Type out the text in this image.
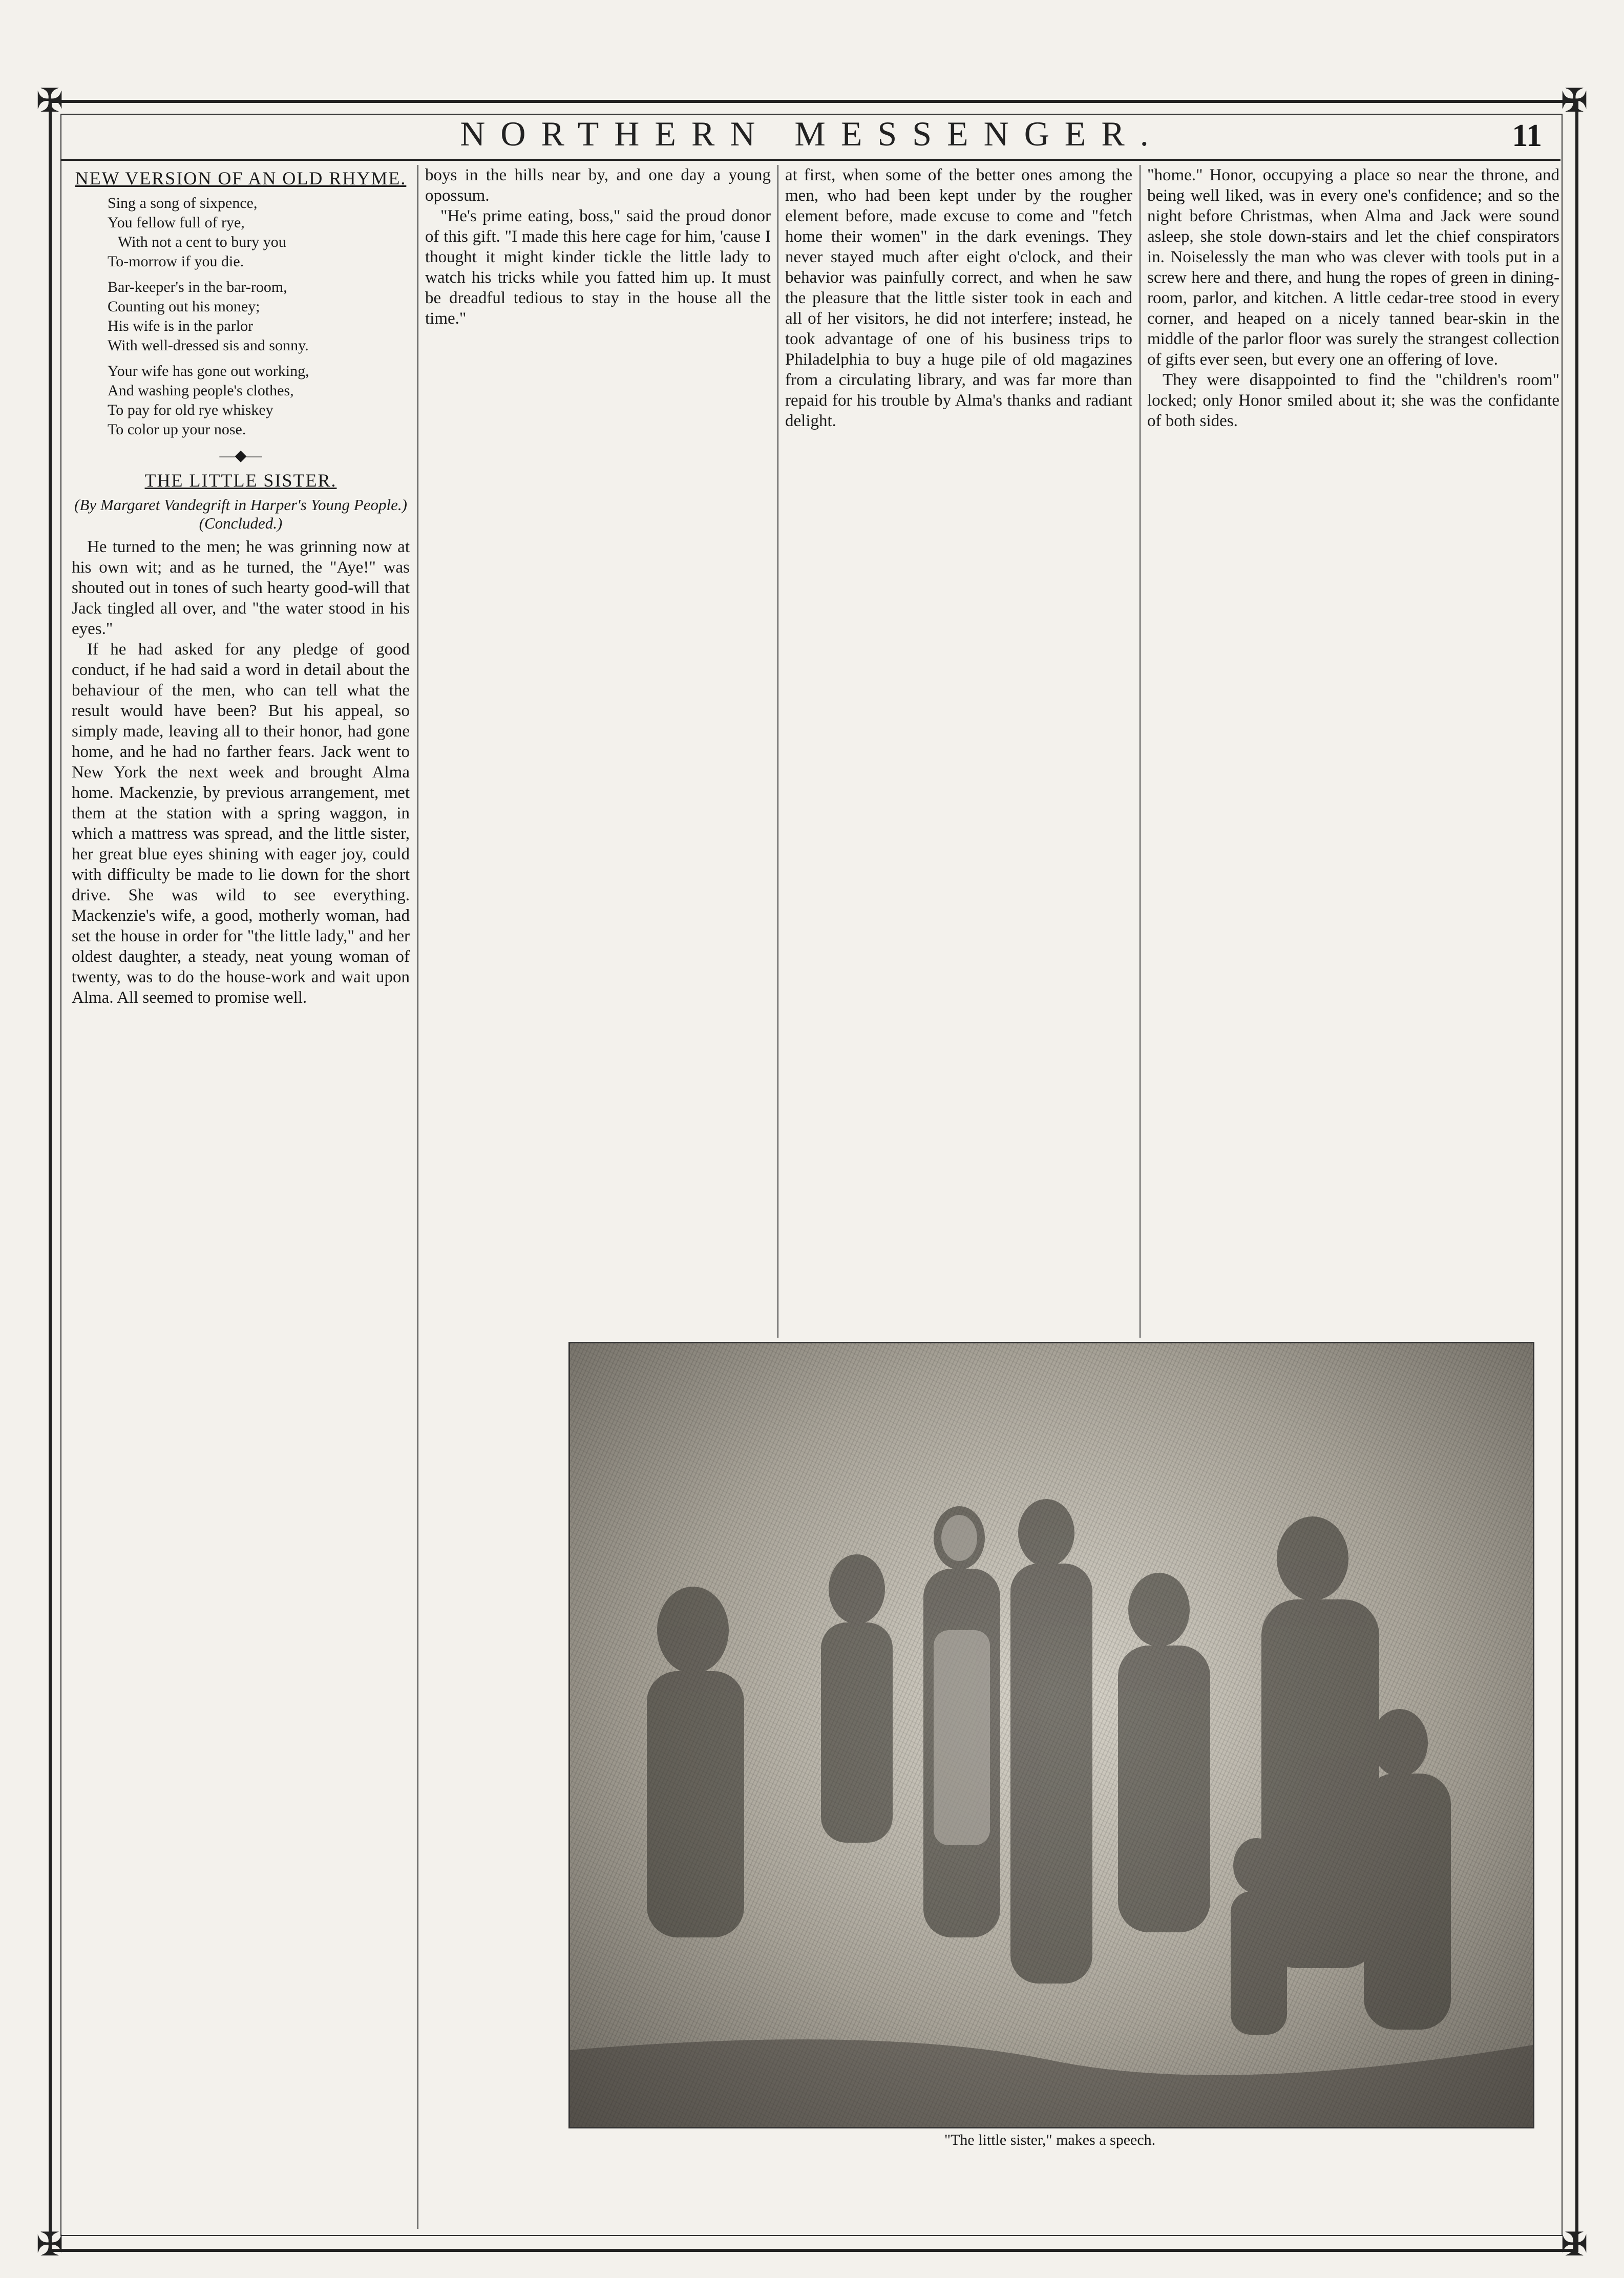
✠	✠
✠	✠
NORTHERN MESSENGER.	11
NEW VERSION OF AN OLD RHYME.
Sing a song of sixpence,
You fellow full of rye,
With not a cent to bury you
To-morrow if you die.
Bar-keeper's in the bar-room,
Counting out his money;
His wife is in the parlor
With well-dressed sis and sonny.
Your wife has gone out working,
And washing people's clothes,
To pay for old rye whiskey
To color up your nose.
—◆—
THE LITTLE SISTER.
(By Margaret Vandegrift in Harper's Young People.)
(Concluded.)

He turned to the men; he was grinning now at his own wit; and as he turned, the "Aye!" was shouted out in tones of such hearty good-will that Jack tingled all over, and "the water stood in his eyes."

If he had asked for any pledge of good conduct, if he had said a word in detail about the behaviour of the men, who can tell what the result would have been? But his appeal, so simply made, leaving all to their honor, had gone home, and he had no farther fears. Jack went to New York the next week and brought Alma home. Mackenzie, by previous arrangement, met them at the station with a spring waggon, in which a mattress was spread, and the little sister, her great blue eyes shining with eager joy, could with difficulty be made to lie down for the short drive. She was wild to see everything. Mackenzie's wife, a good, motherly woman, had set the house in order for "the little lady," and her oldest daughter, a steady, neat young woman of twenty, was to do the house-work and wait upon Alma. All seemed to promise well.

boys in the hills near by, and one day a young opossum.

"He's prime eating, boss," said the proud donor of this gift. "I made this here cage for him, 'cause I thought it might kinder tickle the little lady to watch his tricks while you fatted him up. It must be dreadful tedious to stay in the house all the time."

at first, when some of the better ones among the men, who had been kept under by the rougher element before, made excuse to come and "fetch home their women" in the dark evenings. They never stayed much after eight o'clock, and their behavior was painfully correct, and when he saw the pleasure that the little sister took in each and all of her visitors, he did not interfere; instead, he took advantage of one of his business trips to Philadelphia to buy a huge pile of old magazines from a circulating library, and was far more than repaid for his trouble by Alma's thanks and radiant delight.

"home." Honor, occupying a place so near the throne, and being well liked, was in every one's confidence; and so the night before Christmas, when Alma and Jack were sound asleep, she stole down-stairs and let the chief conspirators in. Noiselessly the man who was clever with tools put in a screw here and there, and hung the ropes of green in dining-room, parlor, and kitchen. A little cedar-tree stood in every corner, and heaped on a nicely tanned bear-skin in the middle of the parlor floor was surely the strangest collection of gifts ever seen, but every one an offering of love.

They were disappointed to find the "children's room" locked; only Honor smiled about it; she was the confidante of both sides.

"The little sister," makes a speech.
